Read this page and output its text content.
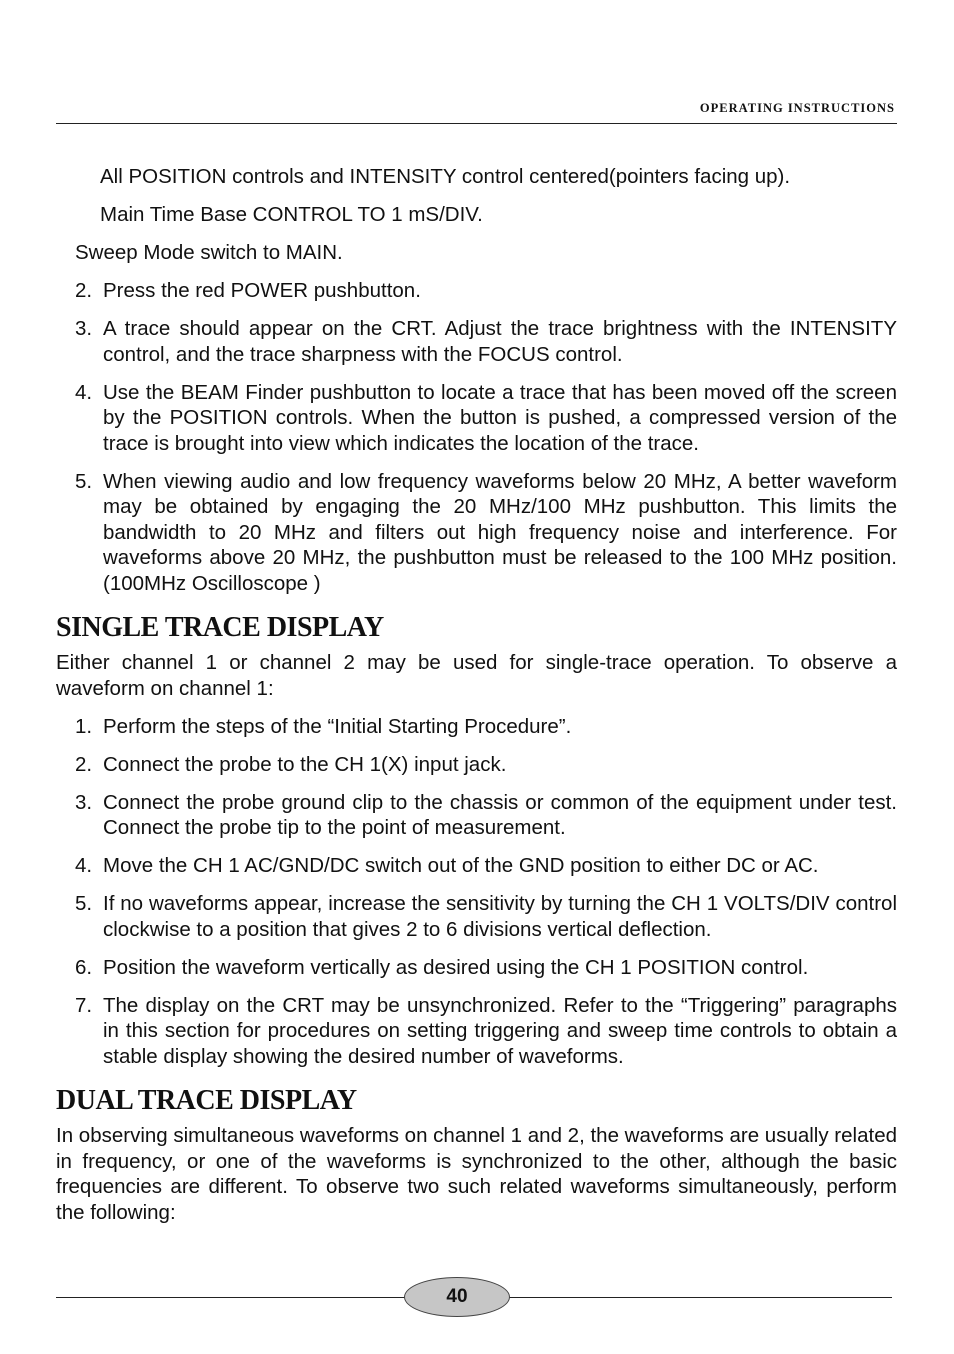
OPERATING INSTRUCTIONS

All POSITION controls and INTENSITY control centered(pointers facing up).

Main Time Base CONTROL TO 1 mS/DIV.

Sweep Mode switch to MAIN.

2. Press the red POWER pushbutton.
3. A trace should appear on the CRT. Adjust the trace brightness with the INTENSITY control, and the trace sharpness with the FOCUS control.
4. Use the BEAM Finder pushbutton to locate a trace that has been moved off the screen by the POSITION controls. When the button is pushed, a compressed version of the trace is brought into view which indicates the location of the trace.
5. When viewing audio and low frequency waveforms below 20 MHz, A better waveform may be obtained by engaging the 20 MHz/100 MHz pushbutton. This limits the bandwidth to 20 MHz and filters out high frequency noise and interference. For waveforms above 20 MHz, the pushbutton must be released to the 100 MHz position.(100MHz Oscilloscope )
SINGLE TRACE DISPLAY

Either channel 1 or channel 2 may be used for single-trace operation. To observe a waveform on channel 1:

1. Perform the steps of the “Initial Starting Procedure”.
2. Connect the probe to the CH 1(X) input jack.
3. Connect the probe ground clip to the chassis or common of the equipment under test. Connect the probe tip to the point of measurement.
4. Move the CH 1 AC/GND/DC switch out of the GND position to either DC or AC.
5. If no waveforms appear, increase the sensitivity by turning the CH 1 VOLTS/DIV control clockwise to a position that gives 2 to 6 divisions vertical deflection.
6. Position the waveform vertically as desired using the CH 1 POSITION control.
7. The display on the CRT may be unsynchronized. Refer to the “Triggering” paragraphs in this section for procedures on setting triggering and sweep time controls to obtain a stable display showing the desired number of waveforms.
DUAL TRACE DISPLAY

In observing simultaneous waveforms on channel 1 and 2, the waveforms are usually related in frequency, or one of the waveforms is synchronized to the other, although the basic frequencies are different. To observe two such related waveforms simultaneously, perform the following:

40
